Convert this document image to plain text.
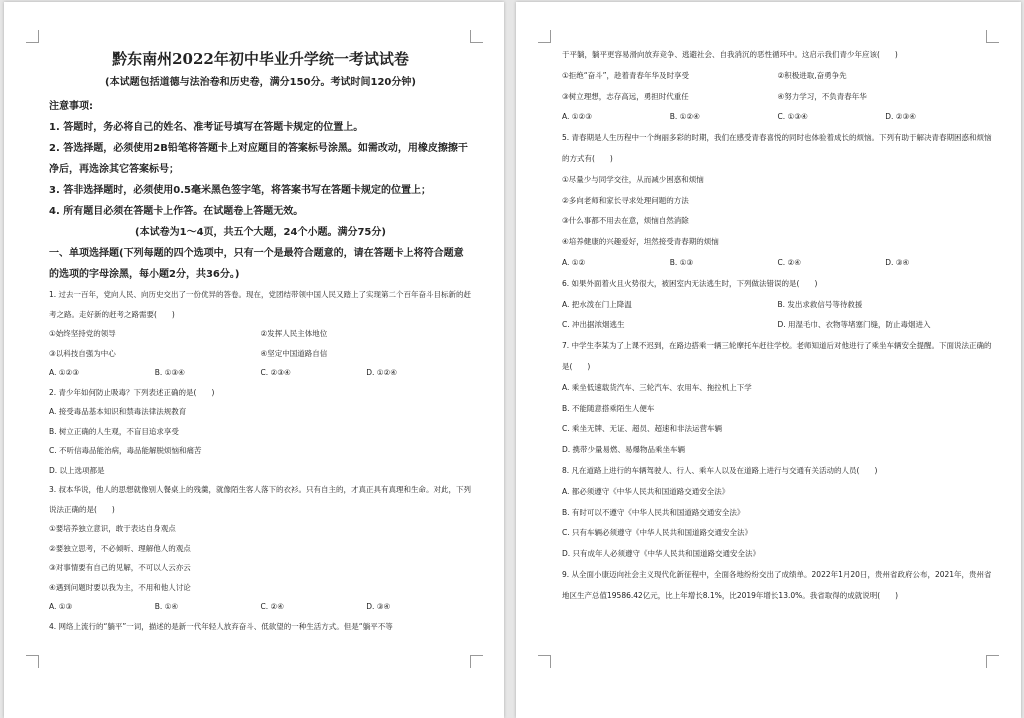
黔东南州2022年初中毕业升学统一考试试卷
(本试题包括道德与法治卷和历史卷，满分150分。考试时间120分钟)
注意事项:
1. 答题时，务必将自己的姓名、准考证号填写在答题卡规定的位置上。
2. 答选择题，必须使用2B铅笔将答题卡上对应题目的答案标号涂黑。如需改动，用橡皮擦擦干
净后，再选涂其它答案标号；
3. 答非选择题时，必须使用0.5毫米黑色签字笔，将答案书写在答题卡规定的位置上；
4. 所有题目必须在答题卡上作答。在试题卷上答题无效。
(本试卷为1～4页，共五个大题，24个小题。满分75分)
一、单项选择题(下列每题的四个选项中，只有一个是最符合题意的，请在答题卡上将符合题意的选项的字母涂黑，每小题2分，共36分。)
1. 过去一百年，党向人民、向历史交出了一份优异的答卷。现在，党团结带领中国人民又踏上了实现第二个百年奋斗目标新的赶考之路。走好新的赶考之路需要(　　)
①始终坚持党的领导	②发挥人民主体地位
③以科技自强为中心	④坚定中国道路自信
A. ①②③	B. ①③④	C. ②③④	D. ①②④
2. 青少年如何防止吸毒？下列表述正确的是(　　)
A. 接受毒品基本知识和禁毒法律法规教育
B. 树立正确的人生观，不盲目追求享受
C. 不听信毒品能治病，毒品能解脱烦恼和痛苦
D. 以上选项都是
3. 叔本华说，他人的思想就像别人餐桌上的残羹，就像陌生客人落下的衣衫。只有自主的，才真正具有真理和生命。对此，下列说法正确的是(　　)
①要培养独立意识，敢于表达自身观点
②要独立思考，不必倾听、理解他人的观点
③对事情要有自己的见解，不可以人云亦云
④遇到问题时要以我为主，不用和他人讨论
A. ①③	B. ①④	C. ②④	D. ③④
4. 网络上流行的“躺平”一词，描述的是新一代年轻人放弃奋斗、低欲望的一种生活方式。但是“躺平不等
于平躺，躺平更容易滑向放弃竞争、逃避社会、自我消沉的恶性循环中。这启示我们青少年应该(　　)
①拒绝“奋斗”，趁着青春年华及时享受	②积极进取,奋勇争先
③树立理想，志存高远，勇担时代重任	④努力学习，不负青春年华
A. ①②③	B. ①②④	C. ①③④	D. ②③④
5. 青春期是人生历程中一个绚丽多彩的时期，我们在感受青春喜悦的同时也体验着成长的烦恼。下列有助于解决青春期困惑和烦恼的方式有(　　)
①尽量少与同学交往，从而减少困惑和烦恼
②多向老师和家长寻求处理问题的方法
③什么事都不用去在意，烦恼自然消除
④培养健康的兴趣爱好，坦然接受青春期的烦恼
A. ①②	B. ①③	C. ②④	D. ③④
6. 如果外面着火且火势很大，被困室内无法逃生时，下列做法错误的是(　　)
A. 把水泼在门上降温	B. 发出求救信号等待救援
C. 冲出据浓烟逃生	D. 用湿毛巾、衣物等堵塞门缝，防止毒烟进入
7. 中学生李某为了上课不迟到，在路边搭乘一辆三轮摩托车赶往学校。老师知道后对他进行了乘坐车辆安全提醒。下面说法正确的是(　　)
A. 乘坐低速载货汽车、三轮汽车、农用车、拖拉机上下学
B. 不能随意搭乘陌生人便车
C. 乘坐无牌、无证、超员、超速和非法运营车辆
D. 携带少量易燃、易爆物品乘坐车辆
8. 凡在道路上进行的车辆驾驶人、行人、乘车人以及在道路上进行与交通有关活动的人员(　　)
A. 都必须遵守《中华人民共和国道路交通安全法》
B. 有时可以不遵守《中华人民共和国道路交通安全法》
C. 只有车辆必须遵守《中华人民共和国道路交通安全法》
D. 只有成年人必须遵守《中华人民共和国道路交通安全法》
9. 从全面小康迈向社会主义现代化新征程中，全面各地纷纷交出了成绩单。2022年1月20日，贵州省政府公布，2021年，贵州省地区生产总值19586.42亿元，比上年增长8.1%，比2019年增长13.0%。我省取得的成就说明(　　)
